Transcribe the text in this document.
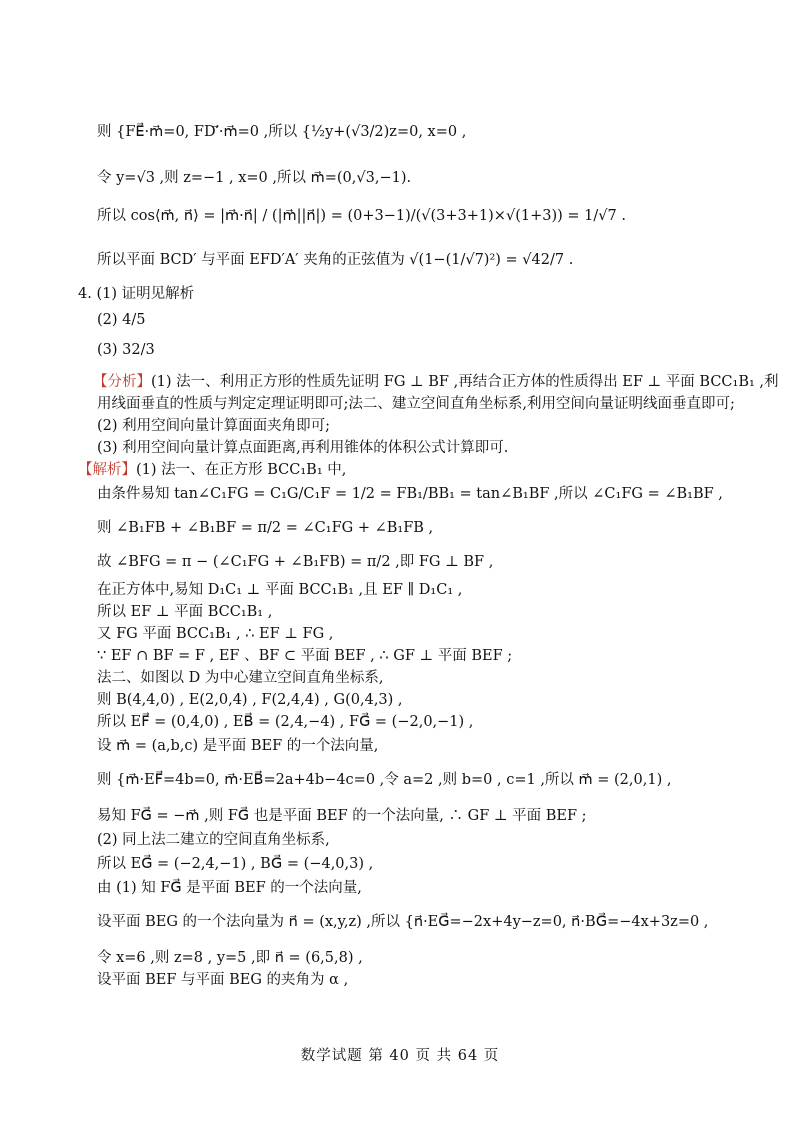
则 {FE⃗·m⃗=0, FD′⃗·m⃗=0 ,所以 {½y+(√3/2)z=0, x=0 ,
令 y=√3 ,则 z=−1 , x=0 ,所以 m⃗=(0,√3,−1).
所以 cos⟨m⃗, n⃗⟩ = |m⃗·n⃗| / (|m⃗||n⃗|) = (0+3−1)/(√(3+3+1)×√(1+3)) = 1/√7 .
所以平面 BCD′ 与平面 EFD′A′ 夹角的正弦值为 √(1−(1/√7)²) = √42/7 .
4. (1) 证明见解析
(2) 4/5
(3) 32/3
【分析】(1) 法一、利用正方形的性质先证明 FG ⊥ BF ,再结合正方体的性质得出 EF ⊥ 平面 BCC₁B₁ ,利
用线面垂直的性质与判定定理证明即可;法二、建立空间直角坐标系,利用空间向量证明线面垂直即可;
(2) 利用空间向量计算面面夹角即可;
(3) 利用空间向量计算点面距离,再利用锥体的体积公式计算即可.
【解析】(1) 法一、在正方形 BCC₁B₁ 中,
由条件易知 tan∠C₁FG = C₁G/C₁F = 1/2 = FB₁/BB₁ = tan∠B₁BF ,所以 ∠C₁FG = ∠B₁BF ,
则 ∠B₁FB + ∠B₁BF = π/2 = ∠C₁FG + ∠B₁FB ,
故 ∠BFG = π − (∠C₁FG + ∠B₁FB) = π/2 ,即 FG ⊥ BF ,
在正方体中,易知 D₁C₁ ⊥ 平面 BCC₁B₁ ,且 EF ∥ D₁C₁ ,
所以 EF ⊥ 平面 BCC₁B₁ ,
又 FG 平面 BCC₁B₁ , ∴ EF ⊥ FG ,
∵ EF ∩ BF = F , EF 、BF ⊂ 平面 BEF , ∴ GF ⊥ 平面 BEF ;
法二、如图以 D 为中心建立空间直角坐标系,
则 B(4,4,0) , E(2,0,4) , F(2,4,4) , G(0,4,3) ,
所以 EF⃗ = (0,4,0) , EB⃗ = (2,4,−4) , FG⃗ = (−2,0,−1) ,
设 m⃗ = (a,b,c) 是平面 BEF 的一个法向量,
则 {m⃗·EF⃗=4b=0, m⃗·EB⃗=2a+4b−4c=0 ,令 a=2 ,则 b=0 , c=1 ,所以 m⃗ = (2,0,1) ,
易知 FG⃗ = −m⃗ ,则 FG⃗ 也是平面 BEF 的一个法向量, ∴ GF ⊥ 平面 BEF ;
(2) 同上法二建立的空间直角坐标系,
所以 EG⃗ = (−2,4,−1) , BG⃗ = (−4,0,3) ,
由 (1) 知 FG⃗ 是平面 BEF 的一个法向量,
设平面 BEG 的一个法向量为 n⃗ = (x,y,z) ,所以 {n⃗·EG⃗=−2x+4y−z=0, n⃗·BG⃗=−4x+3z=0 ,
令 x=6 ,则 z=8 , y=5 ,即 n⃗ = (6,5,8) ,
设平面 BEF 与平面 BEG 的夹角为 α ,
数学试题 第 40 页 共 64 页
